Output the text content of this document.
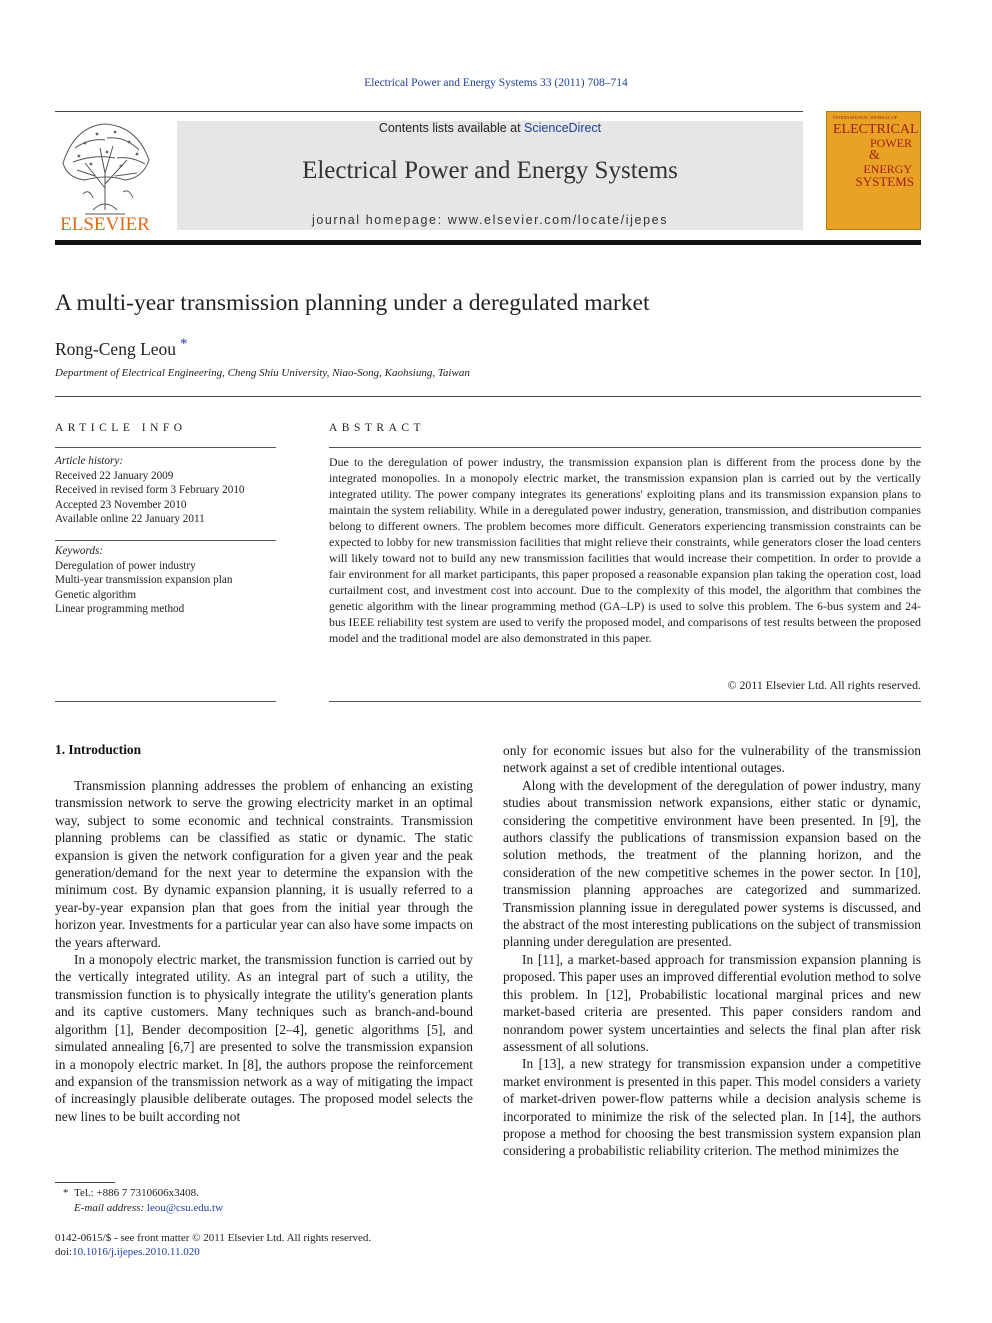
Electrical Power and Energy Systems 33 (2011) 708–714
ELSEVIER
Contents lists available at ScienceDirect
Electrical Power and Energy Systems
journal homepage: www.elsevier.com/locate/ijepes
INTERNATIONAL JOURNAL OF
ELECTRICAL
POWER
&
ENERGY
SYSTEMS
A multi-year transmission planning under a deregulated market
Rong-Ceng Leou *
Department of Electrical Engineering, Cheng Shiu University, Niao-Song, Kaohsiung, Taiwan
ARTICLE INFO
Article history:
Received 22 January 2009
Received in revised form 3 February 2010
Accepted 23 November 2010
Available online 22 January 2011
Keywords:
Deregulation of power industry
Multi-year transmission expansion plan
Genetic algorithm
Linear programming method
ABSTRACT
Due to the deregulation of power industry, the transmission expansion plan is different from the process done by the integrated monopolies. In a monopoly electric market, the transmission expansion plan is carried out by the vertically integrated utility. The power company integrates its generations' exploiting plans and its transmission expansion plans to maintain the system reliability. While in a deregulated power industry, generation, transmission, and distribution companies belong to different owners. The problem becomes more difficult. Generators experiencing transmission constraints can be expected to lobby for new transmission facilities that might relieve their constraints, while generators closer the load centers will likely toward not to build any new transmission facilities that would increase their competition. In order to provide a fair environment for all market participants, this paper proposed a reasonable expansion plan taking the operation cost, load curtailment cost, and investment cost into account. Due to the complexity of this model, the algorithm that combines the genetic algorithm with the linear programming method (GA–LP) is used to solve this problem. The 6-bus system and 24-bus IEEE reliability test system are used to verify the proposed model, and comparisons of test results between the proposed model and the traditional model are also demonstrated in this paper.
© 2011 Elsevier Ltd. All rights reserved.
1. Introduction

Transmission planning addresses the problem of enhancing an existing transmission network to serve the growing electricity market in an optimal way, subject to some economic and technical constraints. Transmission planning problems can be classified as static or dynamic. The static expansion is given the network configuration for a given year and the peak generation/demand for the next year to determine the expansion with the minimum cost. By dynamic expansion planning, it is usually referred to a year-by-year expansion plan that goes from the initial year through the horizon year. Investments for a particular year can also have some impacts on the years afterward.

In a monopoly electric market, the transmission function is carried out by the vertically integrated utility. As an integral part of such a utility, the transmission function is to physically integrate the utility's generation plants and its captive customers. Many techniques such as branch-and-bound algorithm [1], Bender decomposition [2–4], genetic algorithms [5], and simulated annealing [6,7] are presented to solve the transmission expansion in a monopoly electric market. In [8], the authors propose the reinforcement and expansion of the transmission network as a way of mitigating the impact of increasingly plausible deliberate outages. The proposed model selects the new lines to be built according not

only for economic issues but also for the vulnerability of the transmission network against a set of credible intentional outages.

Along with the development of the deregulation of power industry, many studies about transmission network expansions, either static or dynamic, considering the competitive environment have been presented. In [9], the authors classify the publications of transmission expansion based on the solution methods, the treatment of the planning horizon, and the consideration of the new competitive schemes in the power sector. In [10], transmission planning approaches are categorized and summarized. Transmission planning issue in deregulated power systems is discussed, and the abstract of the most interesting publications on the subject of transmission planning under deregulation are presented.

In [11], a market-based approach for transmission expansion planning is proposed. This paper uses an improved differential evolution method to solve this problem. In [12], Probabilistic locational marginal prices and new market-based criteria are presented. This paper considers random and nonrandom power system uncertainties and selects the final plan after risk assessment of all solutions.

In [13], a new strategy for transmission expansion under a competitive market environment is presented in this paper. This model considers a variety of market-driven power-flow patterns while a decision analysis scheme is incorporated to minimize the risk of the selected plan. In [14], the authors propose a method for choosing the best transmission system expansion plan considering a probabilistic reliability criterion. The method minimizes the

* Tel.: +886 7 7310606x3408.
E-mail address: leou@csu.edu.tw
0142-0615/$ - see front matter © 2011 Elsevier Ltd. All rights reserved.
doi:10.1016/j.ijepes.2010.11.020
